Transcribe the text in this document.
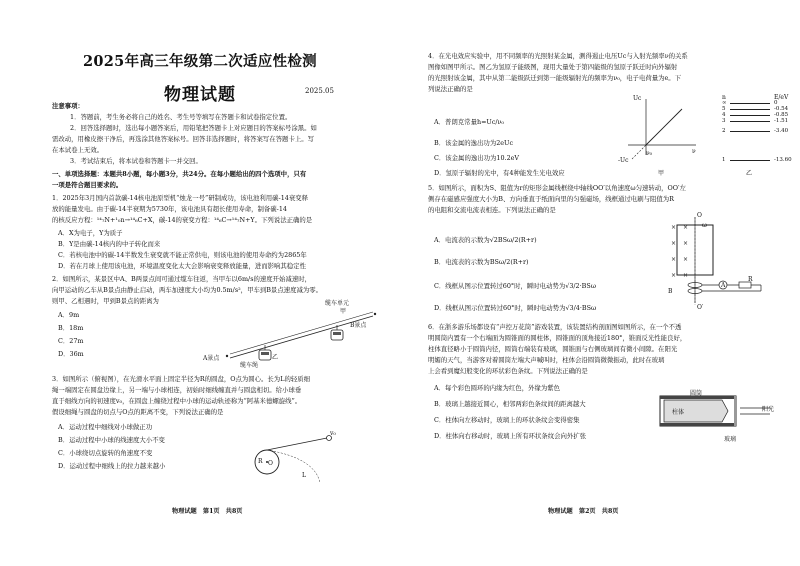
2025年高三年级第二次适应性检测
物理试题	2025.05
注意事项：
1．答题前，考生务必将自己的姓名、考生号等填写在答题卡和试卷指定位置。
2．回答选择题时，选出每小题答案后，用铅笔把答题卡上对应题目的答案标号涂黑。如
需改动，用橡皮擦干净后，再选涂其他答案标号。回答非选择题时，将答案写在答题卡上。写
在本试卷上无效。
3．考试结束后，将本试卷和答题卡一并交回。
一、单项选择题：本题共8小题，每小题3分，共24分。在每小题给出的四个选项中，只有
一项是符合题目要求的。
1．2025年3月国内首款碳-14核电池原型机“烛龙一号”研制成功，该电池利用碳-14衰变释
放的能量发电。由于碳-14半衰期为5730年，该电池具有超长使用寿命，制备碳-14
的核反应方程：¹⁴₇N+¹₀n→¹⁴₆C+X，碳-14的衰变方程：¹⁴₆C→¹⁴₇N+Y。下列说法正确的是
A．X为电子，Y为质子
B．Y是由碳-14核内的中子转化而来
C．若核电池中的碳-14半数发生衰变就不能正常供电，则该电池的使用寿命约为2865年
D．若在月球上使用该电池，环境温度变化太大会影响衰变释放能量，进而影响其稳定性
2．如图所示，某景区中A、B两景点间可通过缆车往返，当甲车以6m/s的速度开始减速时，
向甲运动的乙车从B景点由静止启动，两车加速度大小均为0.5m/s²，甲车到B景点速度减为零。
则甲、乙相遇时，甲到B景点的距离为
A．9m
B．18m
C．27m
D．36m
A景点
B景点
甲
乙
缆车绳
缆车单元
3．如图所示（俯视图），在光滑水平面上固定半径为R的圆盘，O点为圆心。长为L的轻质细
绳一端固定在圆盘边缘上，另一端与小球相连，初始时细线缠直并与圆盘相切。给小球垂
直于细线方向的初速度v₀，在圆盘上缠绕过程中小球的运动轨迹称为“阿基米德螺旋线”。
假设细绳与圆盘的切点与O点的距离不变，下列说法正确的是
A．运动过程中细线对小球做正功
B．运动过程中小球的线速度大小不变
C．小球绕切点旋转的角速度不变
D．运动过程中细线上的拉力越来越小
R O
L
v₀
物理试题　第1页　共8页
4．在光电效应实验中，用不同频率的光照射某金属，测得遏止电压Uc与入射光频率ν的关系
图像如图甲所示。图乙为氢原子能级图，现用大量处于第四能级的氢原子跃迁时向外辐射
的光照射该金属，其中从第二能级跃迁到第一能级辐射光的频率为ν₀，电子电荷量为e。下
列说法正确的是
A．普朗克常量h=Uc/ν₀
B．该金属的逸出功为2eUc
C．该金属的逸出功为10.2eV
D．氢原子辐射的光中，有4种能发生光电效应
Uc
ν
ν₀
-Uc
甲
n	E/eV
∞	0
5	-0.54
4	-0.85
3	-1.51
2	-3.40
1	-13.60
乙
5．如图所示，面积为S、阻值为r的矩形金属线框绕中轴线OO′以角速度ω匀速转动，OO′左
侧存在磁感应强度大小为B、方向垂直于纸面向里的匀强磁场，线框通过电刷与阻值为R
的电阻和交流电流表相连。下列说法正确的是
A．电流表的示数为√2BSω/2(R+r)
B．电流表的示数为BSω/2(R+r)
C．线框从图示位置转过60°时，瞬时电动势为√3/2·BSω
D．线框从图示位置转过60°时，瞬时电动势为√3/4·BSω
× ×
× ×
× ×
× ×
O
O′
B
A
R
ω
6．在浙多游乐场都设有“声控万花筒”游戏装置，该装置结构剖面图如图所示，在一个不透
明圆筒内置有一个右端面为圆锥面的圆柱体，圆锥面的顶角接近180°，锥面反光性能良好，
柱体直径略小于圆筒内径，圆筒右端装有玻璃，圆锥面与右侧玻璃间有微小间隙。在阳光
明媚的天气，当游客对着圆筒左端大声喊叫时，柱体会沿圆筒微微振动，此时在玻璃
上会看到魔幻般变化的环状彩色条纹。下列说法正确的是
A．每个彩色圆环的内缘为红色，外缘为紫色
B．玻璃上越接近圆心，相邻两彩色条纹间的距离越大
C．柱体向左移动时，玻璃上的环状条纹会变得密集
D．柱体向右移动时，玻璃上所有环状条纹会向外扩张
圆筒
柱体
玻璃
阳光
物理试题　第2页　共8页
